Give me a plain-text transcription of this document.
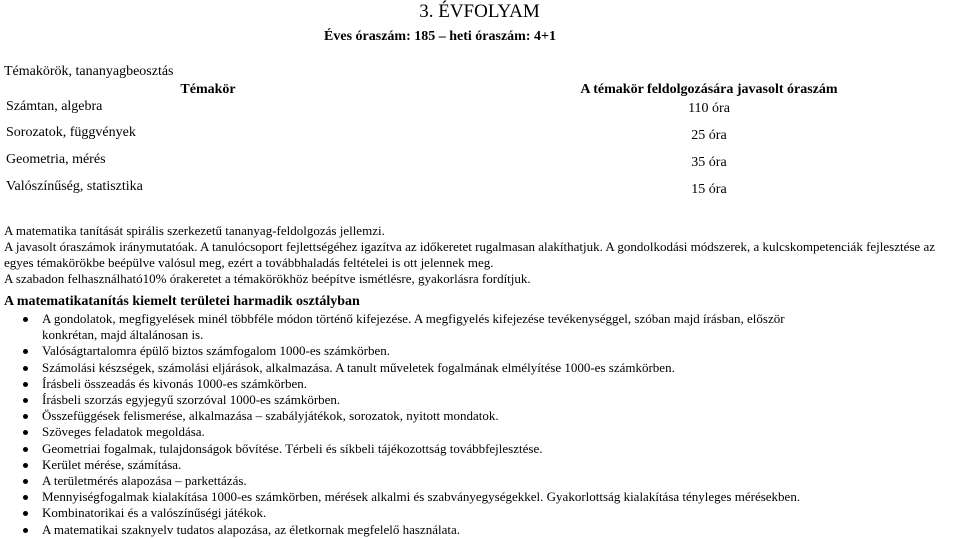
3. ÉVFOLYAM
Éves óraszám: 185 – heti óraszám: 4+1
Témakörök, tananyagbeosztás
Témakör	A témakör feldolgozására javasolt óraszám
Számtan, algebra	110 óra
Sorozatok, függvények	25 óra
Geometria, mérés	35 óra
Valószínűség, statisztika	15 óra
A matematika tanítását spirális szerkezetű tananyag-feldolgozás jellemzi.
A javasolt óraszámok iránymutatóak. A tanulócsoport fejlettségéhez igazítva az időkeretet rugalmasan alakíthatjuk. A gondolkodási módszerek, a kulcskompetenciák fejlesztése az egyes témakörökbe beépülve valósul meg, ezért a továbbhaladás feltételei is ott jelennek meg.
A szabadon felhasználható10% órakeretet a témakörökhöz beépítve ismétlésre, gyakorlásra fordítjuk.
A matematikatanítás kiemelt területei harmadik osztályban
A gondolatok, megfigyelések minél többféle módon történő kifejezése. A megfigyelés kifejezése tevékenységgel, szóban majd írásban, először
konkrétan, majd általánosan is.
Valóságtartalomra épülő biztos számfogalom 1000-es számkörben.
Számolási készségek, számolási eljárások, alkalmazása. A tanult műveletek fogalmának elmélyítése 1000-es számkörben.
Írásbeli összeadás és kivonás 1000-es számkörben.
Írásbeli szorzás egyjegyű szorzóval 1000-es számkörben.
Összefüggések felismerése, alkalmazása – szabályjátékok, sorozatok, nyitott mondatok.
Szöveges feladatok megoldása.
Geometriai fogalmak, tulajdonságok bővítése. Térbeli és síkbeli tájékozottság továbbfejlesztése.
Kerület mérése, számítása.
A területmérés alapozása – parkettázás.
Mennyiségfogalmak kialakítása 1000-es számkörben, mérések alkalmi és szabványegységekkel. Gyakorlottság kialakítása tényleges mérésekben.
Kombinatorikai és a valószínűségi játékok.
A matematikai szaknyelv tudatos alapozása, az életkornak megfelelő használata.
